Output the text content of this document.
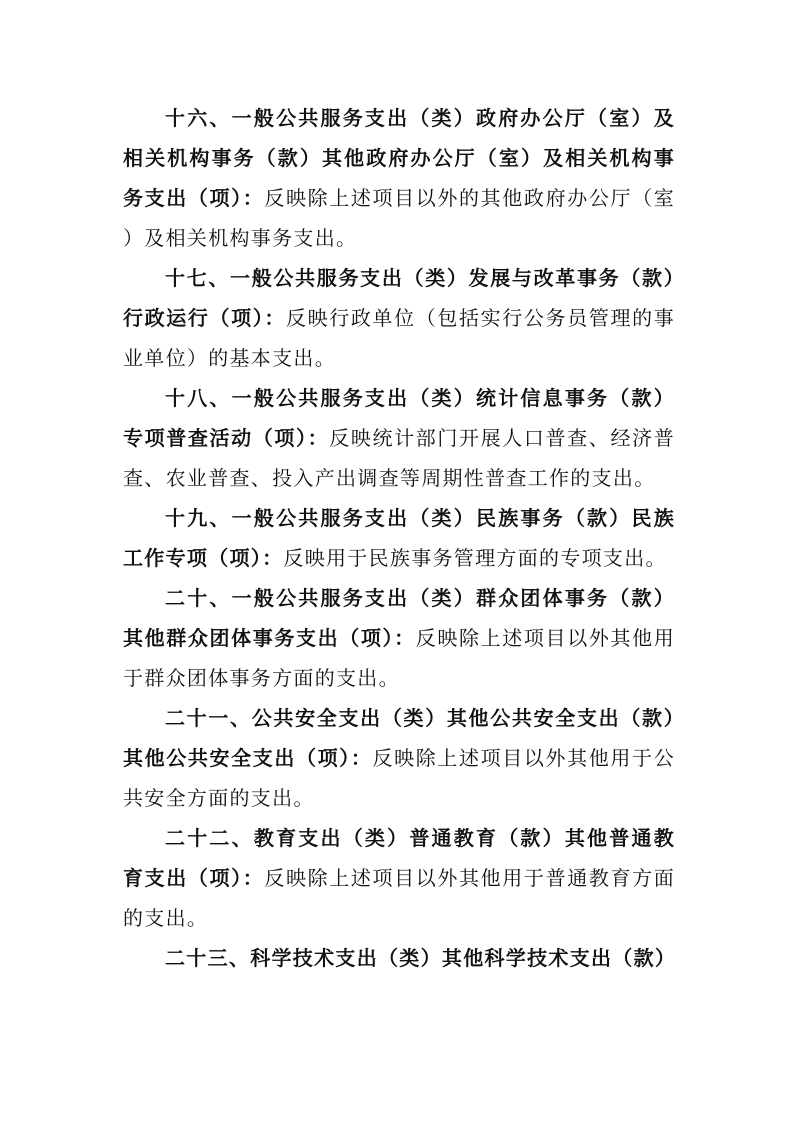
十六、一般公共服务支出（类）政府办公厅（室）及相关机构事务（款）其他政府办公厅（室）及相关机构事务支出（项）：反映除上述项目以外的其他政府办公厅（室）及相关机构事务支出。

十七、一般公共服务支出（类）发展与改革事务（款）行政运行（项）：反映行政单位（包括实行公务员管理的事业单位）的基本支出。

十八、一般公共服务支出（类）统计信息事务（款）专项普查活动（项）：反映统计部门开展人口普查、经济普查、农业普查、投入产出调查等周期性普查工作的支出。

十九、一般公共服务支出（类）民族事务（款）民族工作专项（项）：反映用于民族事务管理方面的专项支出。

二十、一般公共服务支出（类）群众团体事务（款）其他群众团体事务支出（项）：反映除上述项目以外其他用于群众团体事务方面的支出。

二十一、公共安全支出（类）其他公共安全支出（款）其他公共安全支出（项）：反映除上述项目以外其他用于公共安全方面的支出。

二十二、教育支出（类）普通教育（款）其他普通教育支出（项）：反映除上述项目以外其他用于普通教育方面的支出。

二十三、科学技术支出（类）其他科学技术支出（款）
